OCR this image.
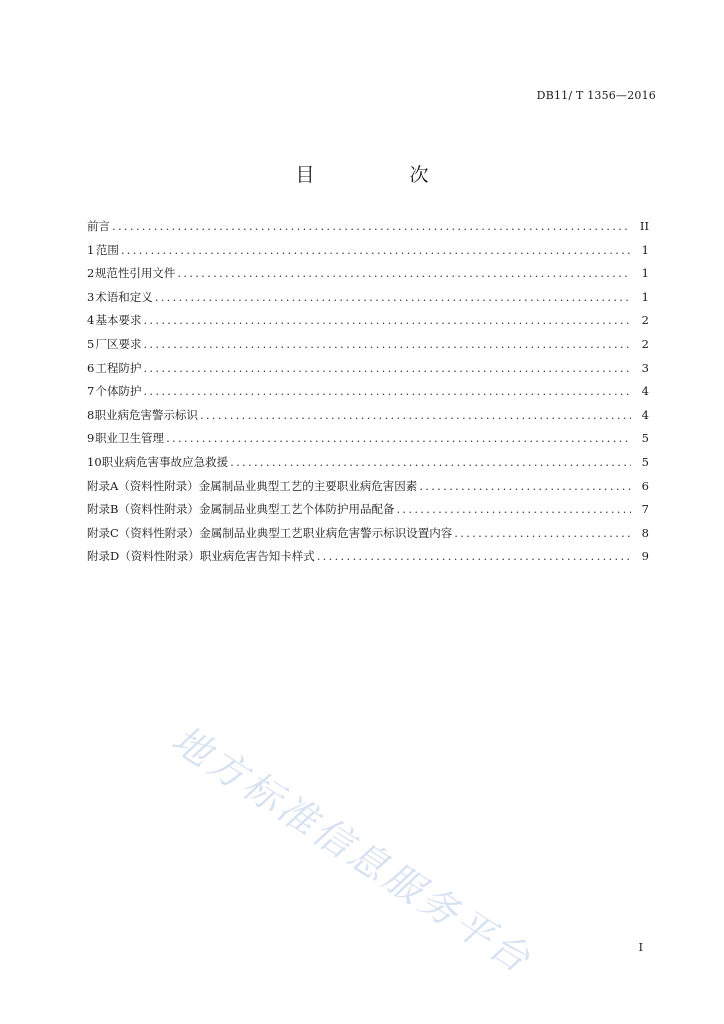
DB11/ T 1356—2016
目　次
前言 .....	II
1 范围 .....	1
2 规范性引用文件 .....	1
3 术语和定义 .....	1
4 基本要求 .....	2
5 厂区要求 .....	2
6 工程防护 .....	3
7 个体防护 .....	4
8 职业病危害警示标识 .....	4
9 职业卫生管理 .....	5
10 职业病危害事故应急救援 .....	5
附录A（资料性附录）金属制品业典型工艺的主要职业病危害因素 .....	6
附录B（资料性附录）金属制品业典型工艺个体防护用品配备 .....	7
附录C（资料性附录）金属制品业典型工艺职业病危害警示标识设置内容 .....	8
附录D（资料性附录）职业病危害告知卡样式 .....	9
地方标准信息服务平台	I
